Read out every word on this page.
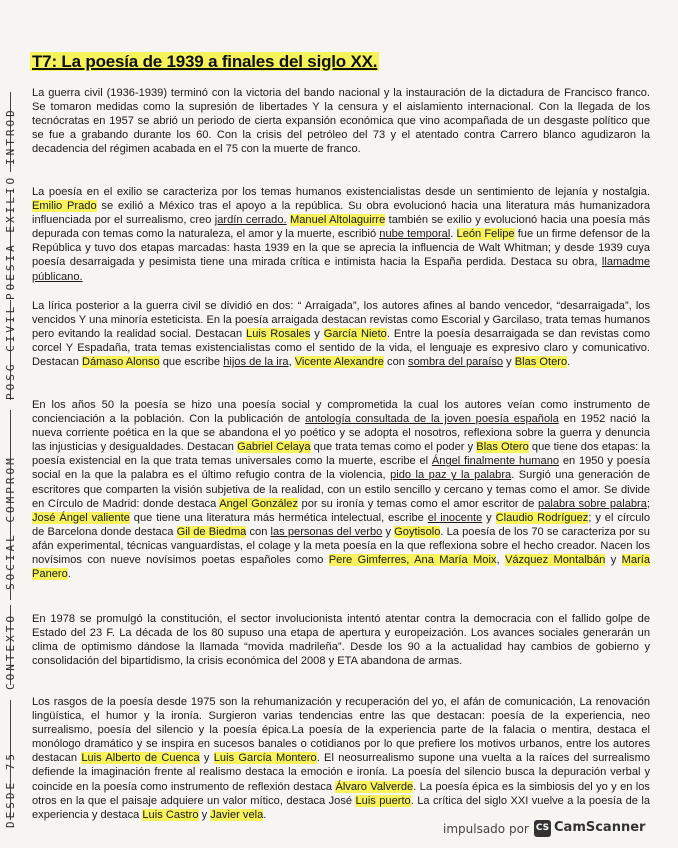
T7: La poesía de 1939 a finales del siglo XX.
INTROD
POESIA EXILIO
POSG CIVIL
SOCIAL COMPROM
CONTEXTO
DESDE 75

La guerra civil (1936-1939) terminó con la victoria del bando nacional y la instauración de la dictadura de Francisco franco. Se tomaron medidas como la supresión de libertades Y la censura y el aislamiento internacional. Con la llegada de los tecnócratas en 1957 se abrió un periodo de cierta expansión económica que vino acompañada de un desgaste político que se fue a grabando durante los 60. Con la crisis del petróleo del 73 y el atentado contra Carrero blanco agudizaron la decadencia del régimen acabada en el 75 con la muerte de franco.

La poesía en el exilio se caracteriza por los temas humanos existencialistas desde un sentimiento de lejanía y nostalgia. Emilio Prado se exilió a México tras el apoyo a la república. Su obra evolucionó hacia una literatura más humanizadora influenciada por el surrealismo, creo jardín cerrado. Manuel Altolaguirre también se exilio y evolucionó hacia una poesía más depurada con temas como la naturaleza, el amor y la muerte, escribió nube temporal. León Felipe fue un firme defensor de la República y tuvo dos etapas marcadas: hasta 1939 en la que se aprecia la influencia de Walt Whitman; y desde 1939 cuya poesía desarraigada y pesimista tiene una mirada crítica e intimista hacia la España perdida. Destaca su obra, llamadme públicano.

La lírica posterior a la guerra civil se dividió en dos: “ Arraigada”, los autores afines al bando vencedor, “desarraigada”, los vencidos Y una minoría esteticista. En la poesía arraigada destacan revistas como Escorial y Garcilaso, trata temas humanos pero evitando la realidad social. Destacan Luis Rosales y García Nieto. Entre la poesía desarraigada se dan revistas como corcel Y Espadaña, trata temas existencialistas como el sentido de la vida, el lenguaje es expresivo claro y comunicativo. Destacan Dámaso Alonso que escribe hijos de la ira, Vicente Alexandre con sombra del paraíso y Blas Otero.

En los años 50 la poesía se hizo una poesía social y comprometida la cual los autores veían como instrumento de concienciación a la población. Con la publicación de antología consultada de la joven poesía española en 1952 nació la nueva corriente poética en la que se abandona el yo poético y se adopta el nosotros, reflexiona sobre la guerra y denuncia las injusticias y desigualdades. Destacan Gabriel Celaya que trata temas como el poder y Blas Otero que tiene dos etapas: la poesía existencial en la que trata temas universales como la muerte, escribe el Ángel finalmente humano en 1950 y poesía social en la que la palabra es el último refugio contra de la violencia, pido la paz y la palabra. Surgió una generación de escritores que comparten la visión subjetiva de la realidad, con un estilo sencillo y cercano y temas como el amor. Se divide en Círculo de Madrid: donde destaca Angel González por su ironía y temas como el amor escritor de palabra sobre palabra; José Ángel valiente que tiene una literatura más hermética intelectual, escribe el inocente y Claudio Rodríguez; y el círculo de Barcelona donde destaca Gil de Biedma con las personas del verbo y Goytisolo. La poesía de los 70 se caracteriza por su afán experimental, técnicas vanguardistas, el colage y la meta poesía en la que reflexiona sobre el hecho creador. Nacen los novísimos con nueve novísimos poetas españoles como Pere Gimferres, Ana María Moix, Vázquez Montalbán y María Panero.

En 1978 se promulgó la constitución, el sector involucionista intentó atentar contra la democracia con el fallido golpe de Estado del 23 F. La década de los 80 supuso una etapa de apertura y europeización. Los avances sociales generarán un clima de optimismo dándose la llamada “movida madrileña”. Desde los 90 a la actualidad hay cambios de gobierno y consolidación del bipartidismo, la crisis económica del 2008 y ETA abandona de armas.

Los rasgos de la poesía desde 1975 son la rehumanización y recuperación del yo, el afán de comunicación, La renovación lingüística, el humor y la ironía. Surgieron varias tendencias entre las que destacan: poesía de la experiencia, neo surrealismo, poesía del silencio y la poesía épica.La poesía de la experiencia parte de la falacia o mentira, destaca el monólogo dramático y se inspira en sucesos banales o cotidianos por lo que prefiere los motivos urbanos, entre los autores destacan Luis Alberto de Cuenca y Luis García Montero. El neosurrealismo supone una vuelta a la raíces del surrealismo defiende la imaginación frente al realismo destaca la emoción e ironía. La poesía del silencio busca la depuración verbal y coincide en la poesía como instrumento de reflexión destaca Álvaro Valverde. La poesía épica es la simbiosis del yo y en los otros en la que el paisaje adquiere un valor mítico, destaca José Luis puerto. La crítica del siglo XXI vuelve a la poesía de la experiencia y destaca Luis Castro y Javier vela.

impulsado por CS CamScanner
